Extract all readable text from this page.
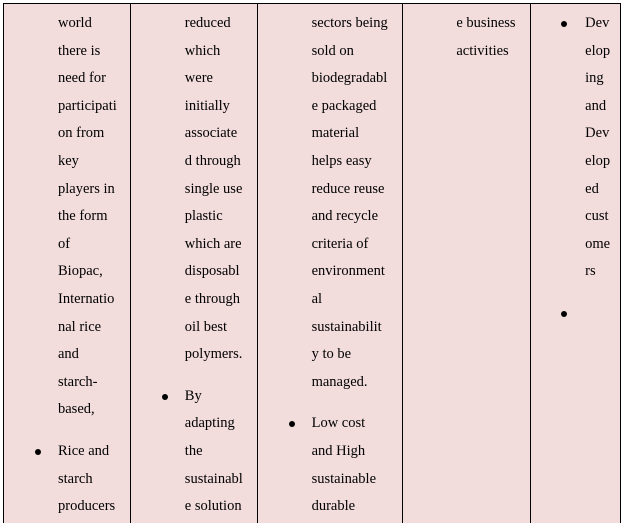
world
there is
need for
participati
on from
key
players in
the form
of
Biopac,
Internatio
nal rice
and
starch-
based,
Rice and
starch
producers
reduced
which
were
initially
associate
d through
single use
plastic
which are
disposabl
e through
oil best
polymers.
By
adapting
the
sustainabl
e solution
sectors being
sold on
biodegradabl
e packaged
material
helps easy
reduce reuse
and recycle
criteria of
environment
al
sustainabilit
y to be
managed.
Low cost
and High
sustainable
durable
e business
activities
Dev
elop
ing
and
Dev
elop
ed
cust
ome
rs
